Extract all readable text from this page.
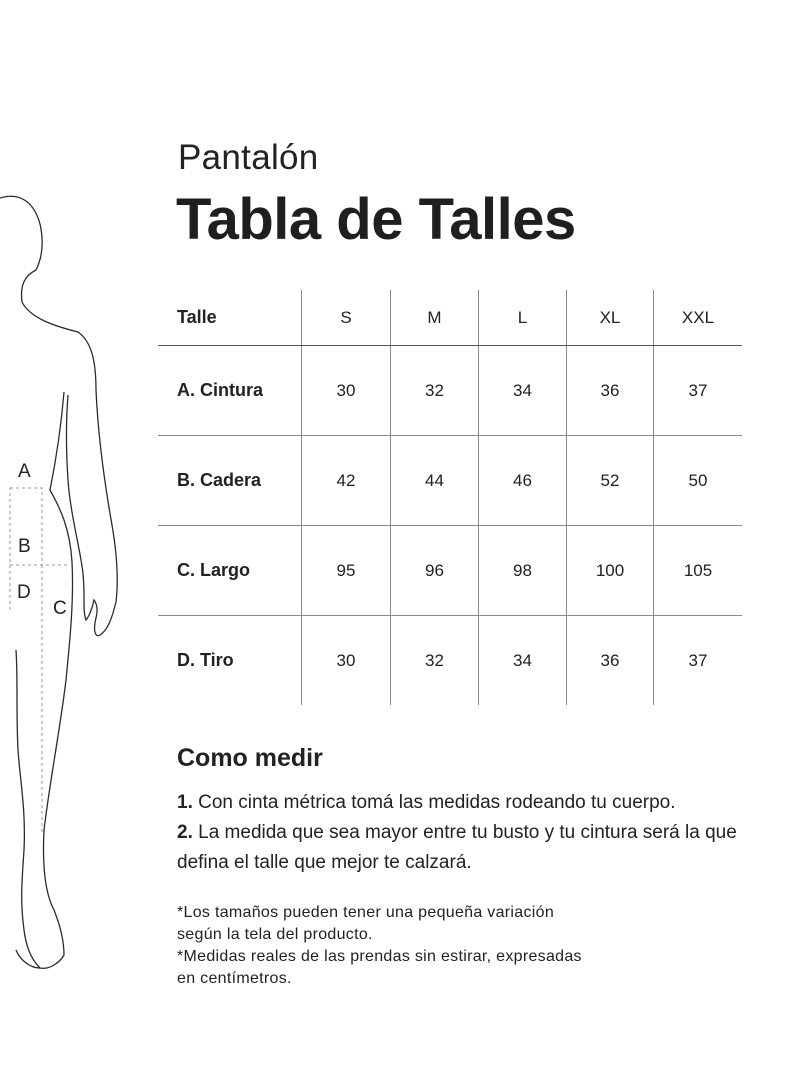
A
B
D
C
Pantalón
Tabla de Talles
Talle	S	M	L	XL	XXL
A. Cintura	30	32	34	36	37
B. Cadera	42	44	46	52	50
C. Largo	95	96	98	100	105
D. Tiro	30	32	34	36	37
Como medir
1. Con cinta métrica tomá las medidas rodeando tu cuerpo.
2. La medida que sea mayor entre tu busto y tu cintura será la que defina el talle que mejor te calzará.
*Los tamaños pueden tener una pequeña variación
según la tela del producto.
*Medidas reales de las prendas sin estirar, expresadas
en centímetros.
